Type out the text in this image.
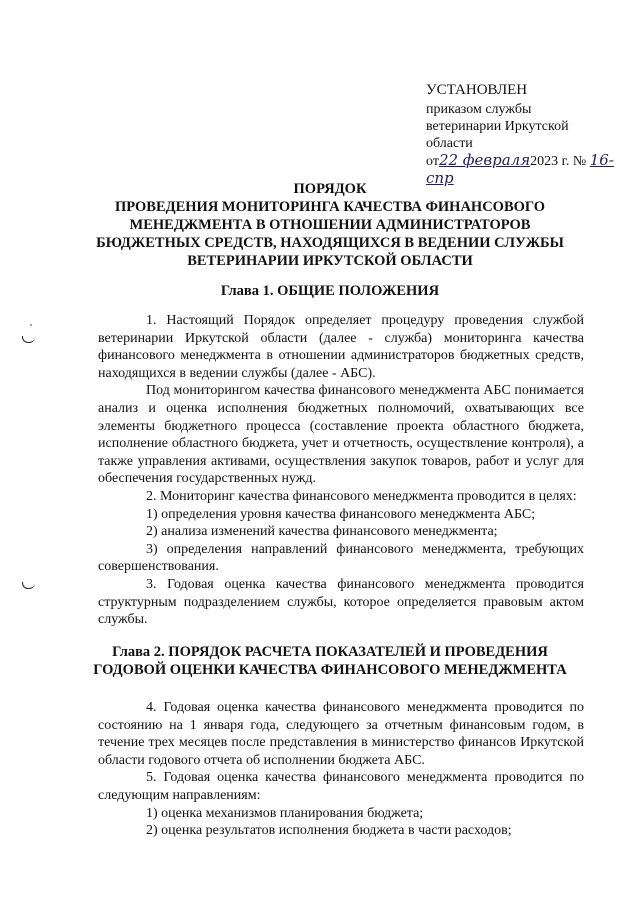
УСТАНОВЛЕН
приказом службы
ветеринарии Иркутской
области
от22 февраля2023 г. № 16-спр
ПОРЯДОК
ПРОВЕДЕНИЯ МОНИТОРИНГА КАЧЕСТВА ФИНАНСОВОГО
МЕНЕДЖМЕНТА В ОТНОШЕНИИ АДМИНИСТРАТОРОВ
БЮДЖЕТНЫХ СРЕДСТВ, НАХОДЯЩИХСЯ В ВЕДЕНИИ СЛУЖБЫ
ВЕТЕРИНАРИИ ИРКУТСКОЙ ОБЛАСТИ
Глава 1. ОБЩИЕ ПОЛОЖЕНИЯ

1. Настоящий Порядок определяет процедуру проведения службой ветеринарии Иркутской области (далее - служба) мониторинга качества финансового менеджмента в отношении администраторов бюджетных средств, находящихся в ведении службы (далее - АБС).

Под мониторингом качества финансового менеджмента АБС понимается анализ и оценка исполнения бюджетных полномочий, охватывающих все элементы бюджетного процесса (составление проекта областного бюджета, исполнение областного бюджета, учет и отчетность, осуществление контроля), а также управления активами, осуществления закупок товаров, работ и услуг для обеспечения государственных нужд.

2. Мониторинг качества финансового менеджмента проводится в целях:

1) определения уровня качества финансового менеджмента АБС;

2) анализа изменений качества финансового менеджмента;

3) определения направлений финансового менеджмента, требующих совершенствования.

3. Годовая оценка качества финансового менеджмента проводится структурным подразделением службы, которое определяется правовым актом службы.

Глава 2. ПОРЯДОК РАСЧЕТА ПОКАЗАТЕЛЕЙ И ПРОВЕДЕНИЯ
ГОДОВОЙ ОЦЕНКИ КАЧЕСТВА ФИНАНСОВОГО МЕНЕДЖМЕНТА

4. Годовая оценка качества финансового менеджмента проводится по состоянию на 1 января года, следующего за отчетным финансовым годом, в течение трех месяцев после представления в министерство финансов Иркутской области годового отчета об исполнении бюджета АБС.

5. Годовая оценка качества финансового менеджмента проводится по следующим направлениям:

1) оценка механизмов планирования бюджета;

2) оценка результатов исполнения бюджета в части расходов;
